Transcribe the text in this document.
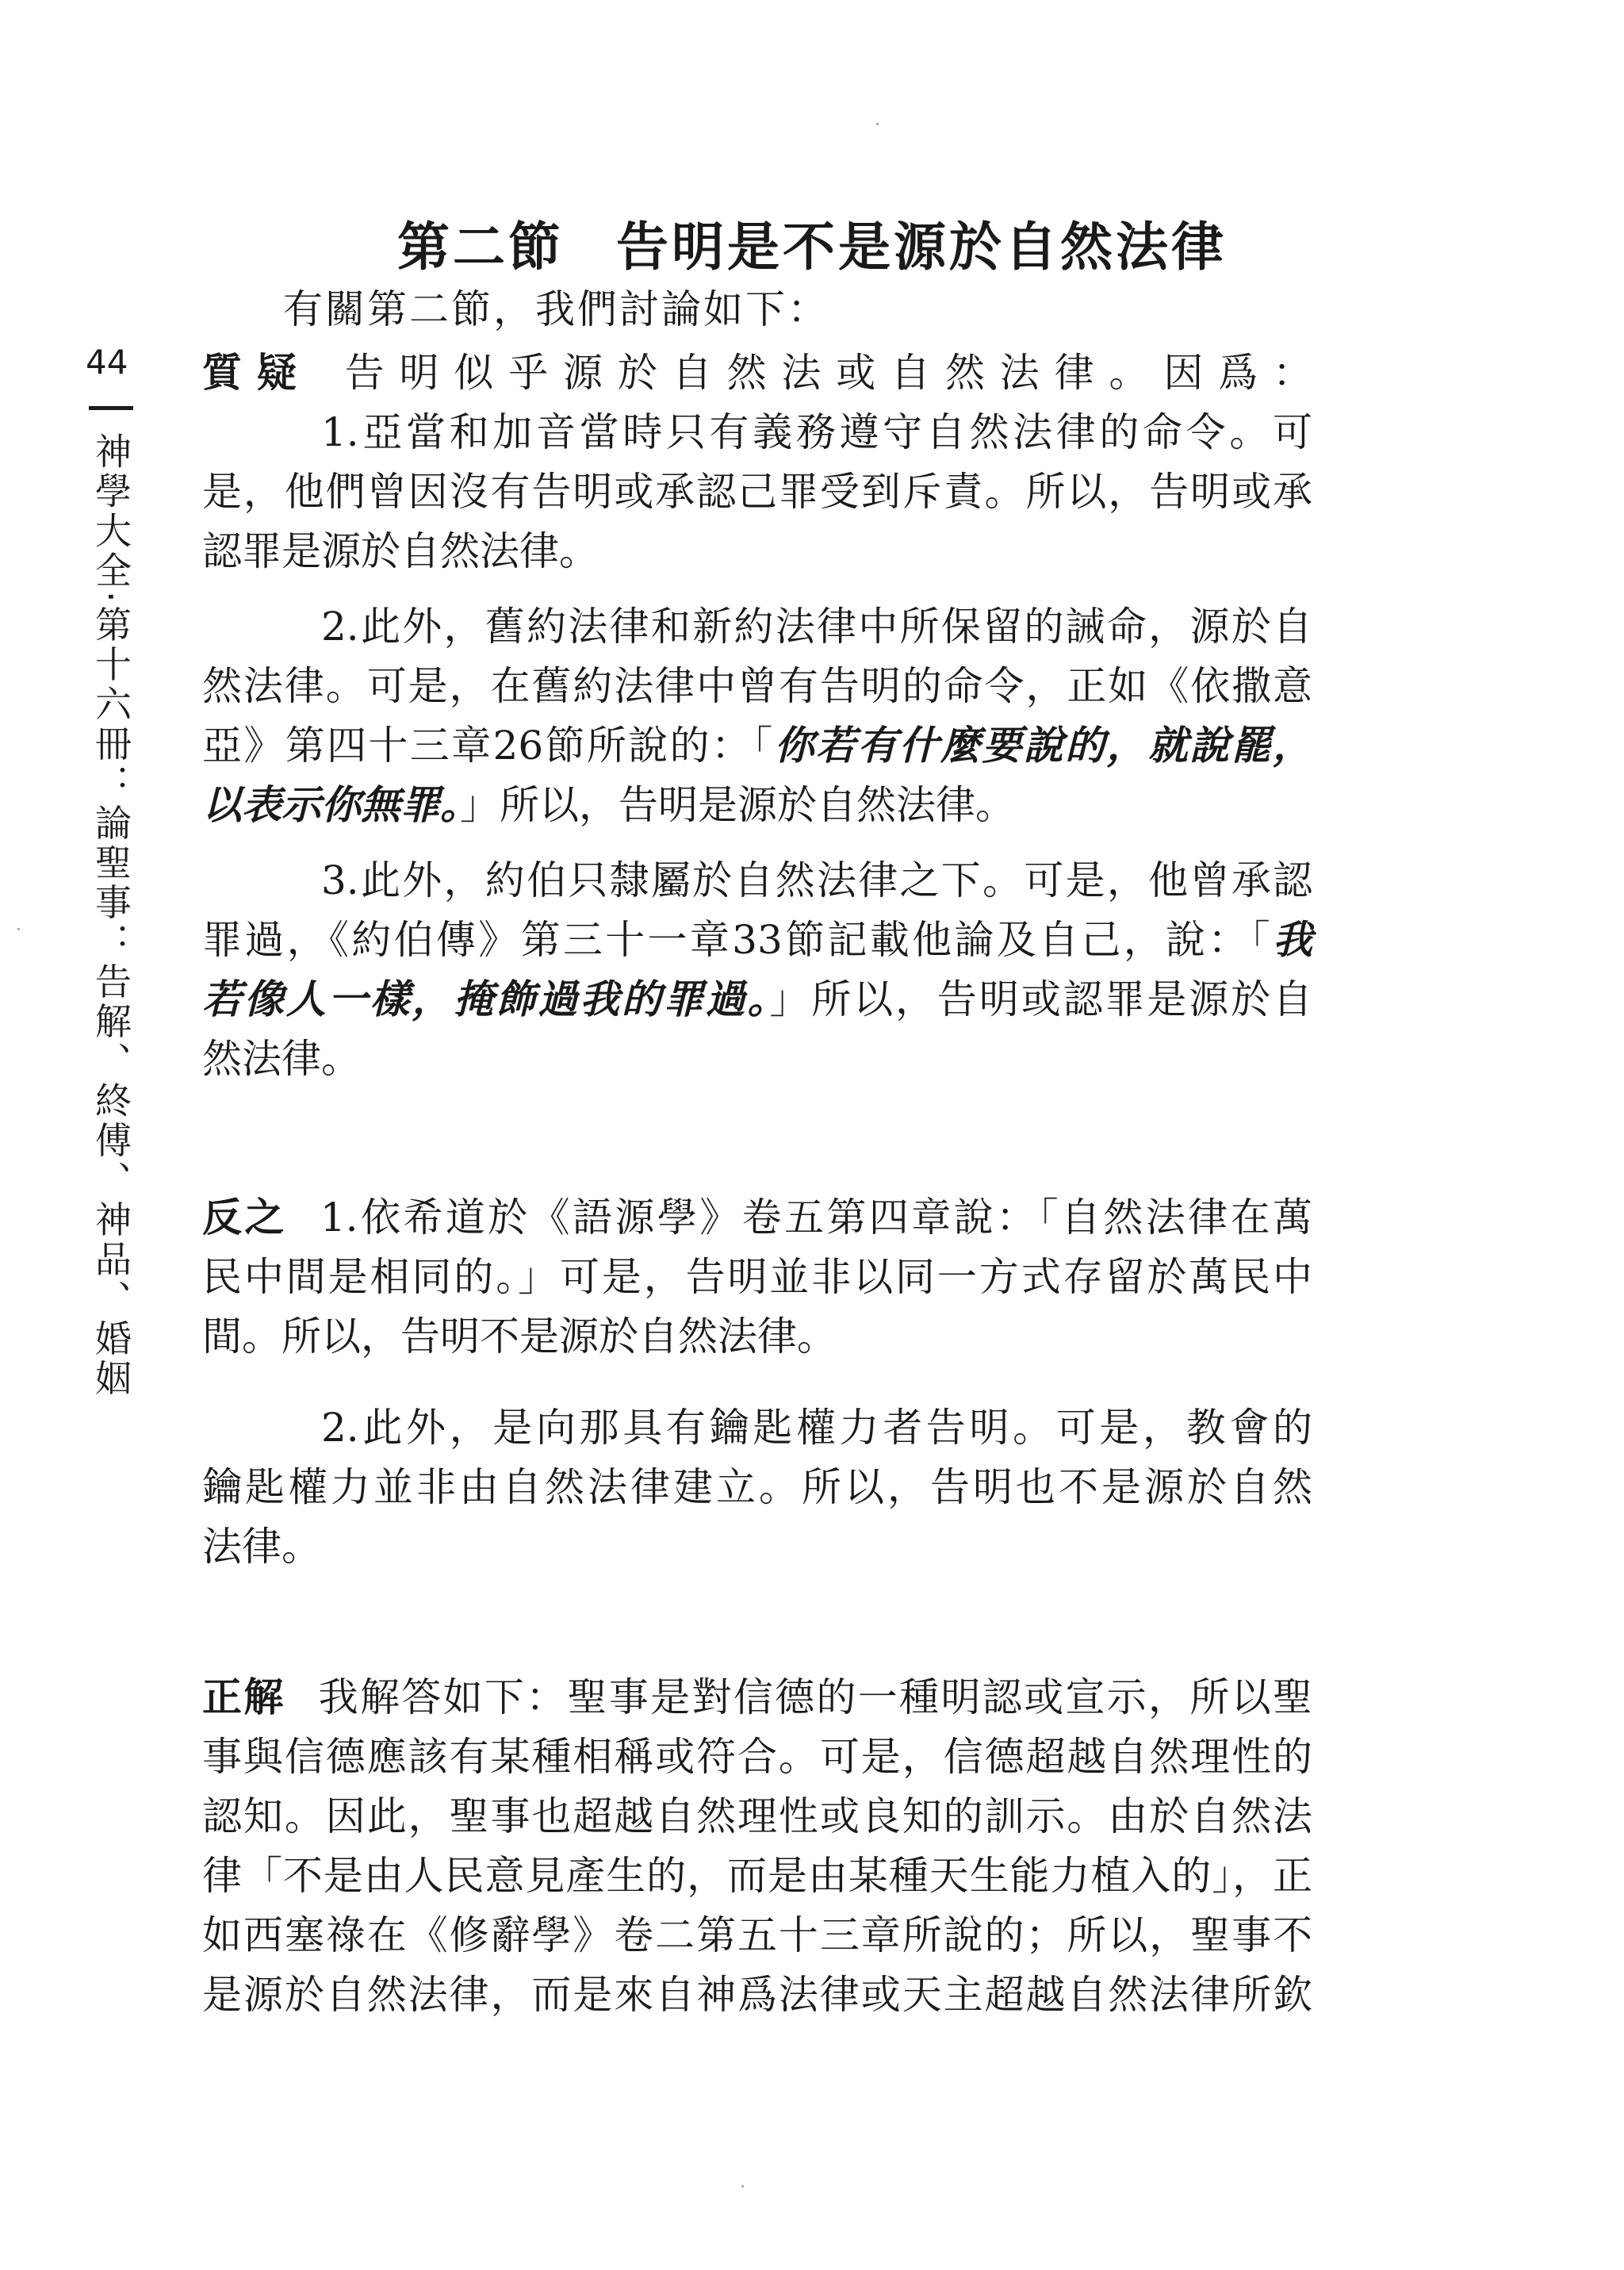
第二節 告明是不是源於自然法律
有關第二節，我們討論如下：
44
神學大全·第十六冊：論聖事：告解、終傅、神品、婚姻
質疑 告明似乎源於自然法或自然法律。因爲：
1.亞當和加音當時只有義務遵守自然法律的命令。可
是，他們曾因沒有告明或承認己罪受到斥責。所以，告明或承
認罪是源於自然法律。
2.此外，舊約法律和新約法律中所保留的誡命，源於自
然法律。可是，在舊約法律中曾有告明的命令，正如《依撒意
亞》第四十三章26節所說的：「你若有什麼要說的，就說罷，
以表示你無罪。」所以，告明是源於自然法律。
3.此外，約伯只隸屬於自然法律之下。可是，他曾承認
罪過，《約伯傳》第三十一章33節記載他論及自己，說：「我
若像人一樣，掩飾過我的罪過。」所以，告明或認罪是源於自
然法律。
反之 1.依希道於《語源學》卷五第四章說：「自然法律在萬
民中間是相同的。」可是，告明並非以同一方式存留於萬民中
間。所以，告明不是源於自然法律。
2.此外，是向那具有鑰匙權力者告明。可是，教會的
鑰匙權力並非由自然法律建立。所以，告明也不是源於自然
法律。
正解 我解答如下：聖事是對信德的一種明認或宣示，所以聖
事與信德應該有某種相稱或符合。可是，信德超越自然理性的
認知。因此，聖事也超越自然理性或良知的訓示。由於自然法
律「不是由人民意見產生的，而是由某種天生能力植入的」，正
如西塞祿在《修辭學》卷二第五十三章所說的；所以，聖事不
是源於自然法律，而是來自神爲法律或天主超越自然法律所欽
